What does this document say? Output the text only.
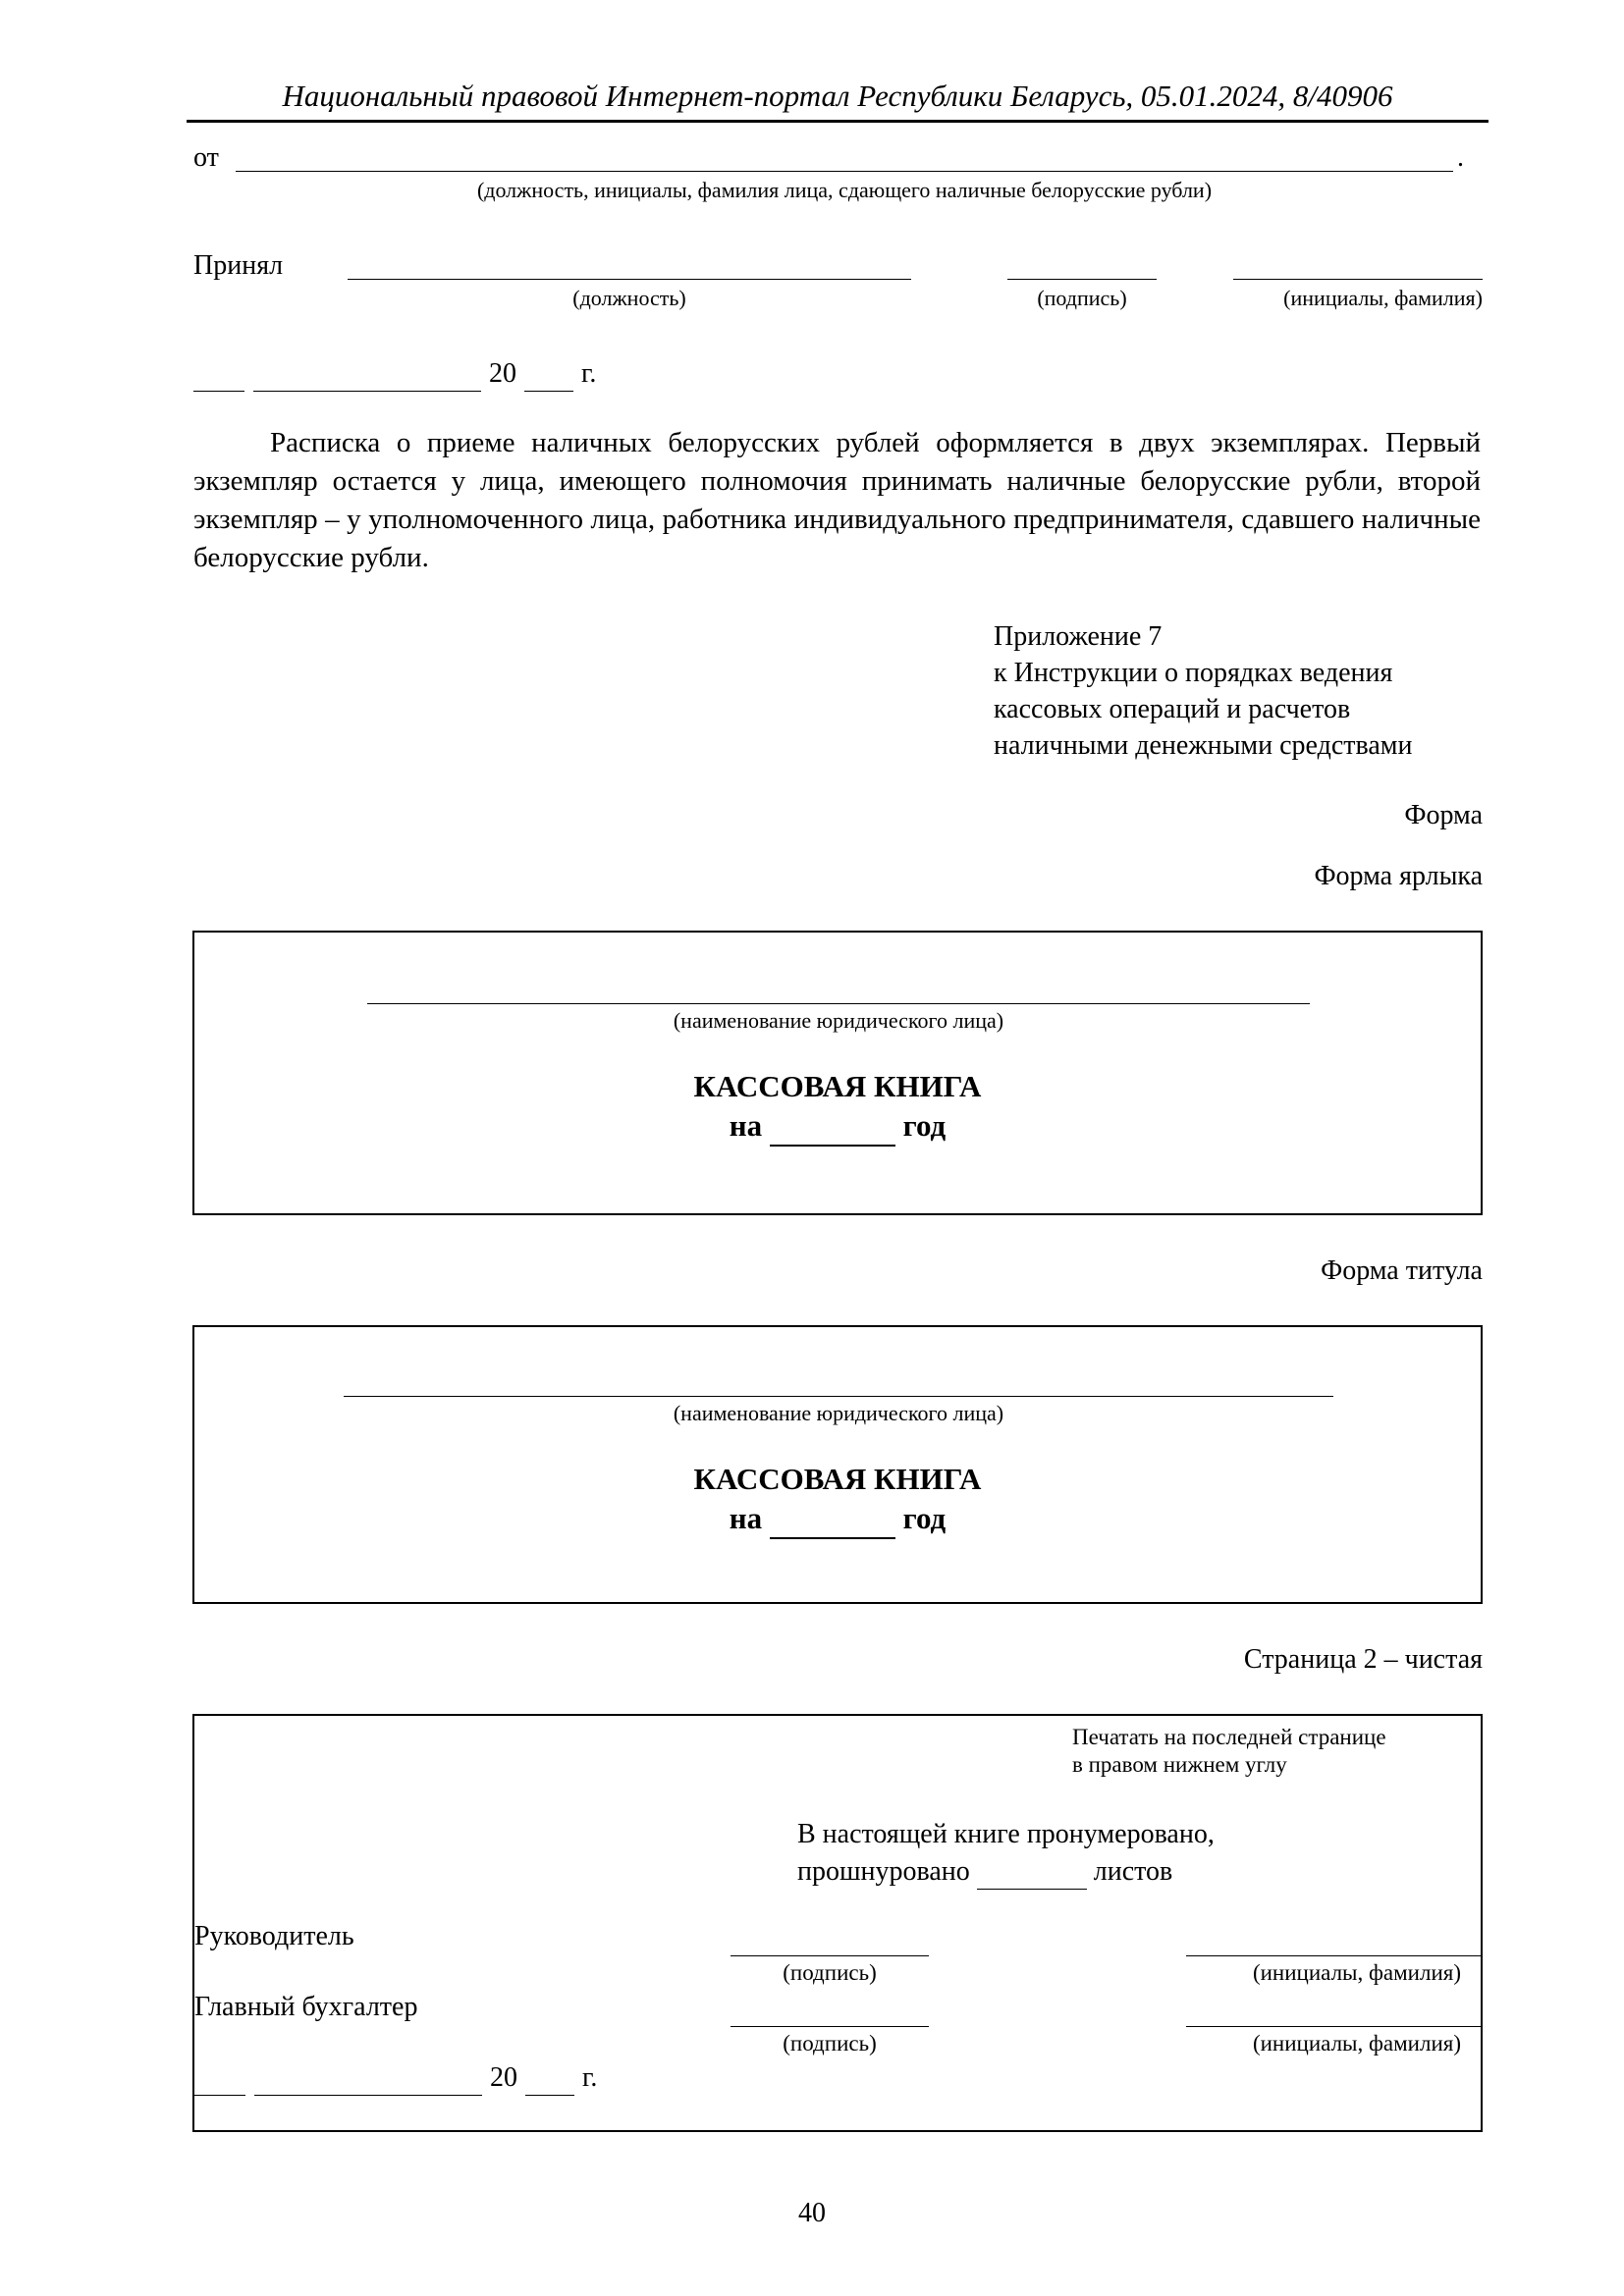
Национальный правовой Интернет-портал Республики Беларусь, 05.01.2024, 8/40906
от	.
(должность, инициалы, фамилия лица, сдающего наличные белорусские рубли)
Принял
(должность)	(подпись)	(инициалы, фамилия)
20 г.

Расписка о приеме наличных белорусских рублей оформляется в двух экземплярах. Первый экземпляр остается у лица, имеющего полномочия принимать наличные белорусские рубли, второй экземпляр – у уполномоченного лица, работника индивидуального предпринимателя, сдавшего наличные белорусские рубли.

Приложение 7
к Инструкции о порядках ведения
кассовых операций и расчетов
наличными денежными средствами
Форма
Форма ярлыка
(наименование юридического лица)
КАССОВАЯ КНИГА
на	год
Форма титула
(наименование юридического лица)
КАССОВАЯ КНИГА
на	год
Страница 2 – чистая
Печатать на последней странице
в правом нижнем углу
В настоящей книге пронумеровано,
прошнуровано	листов
Руководитель
(подпись)	(инициалы, фамилия)
Главный бухгалтер
(подпись)	(инициалы, фамилия)
20 г.
40
